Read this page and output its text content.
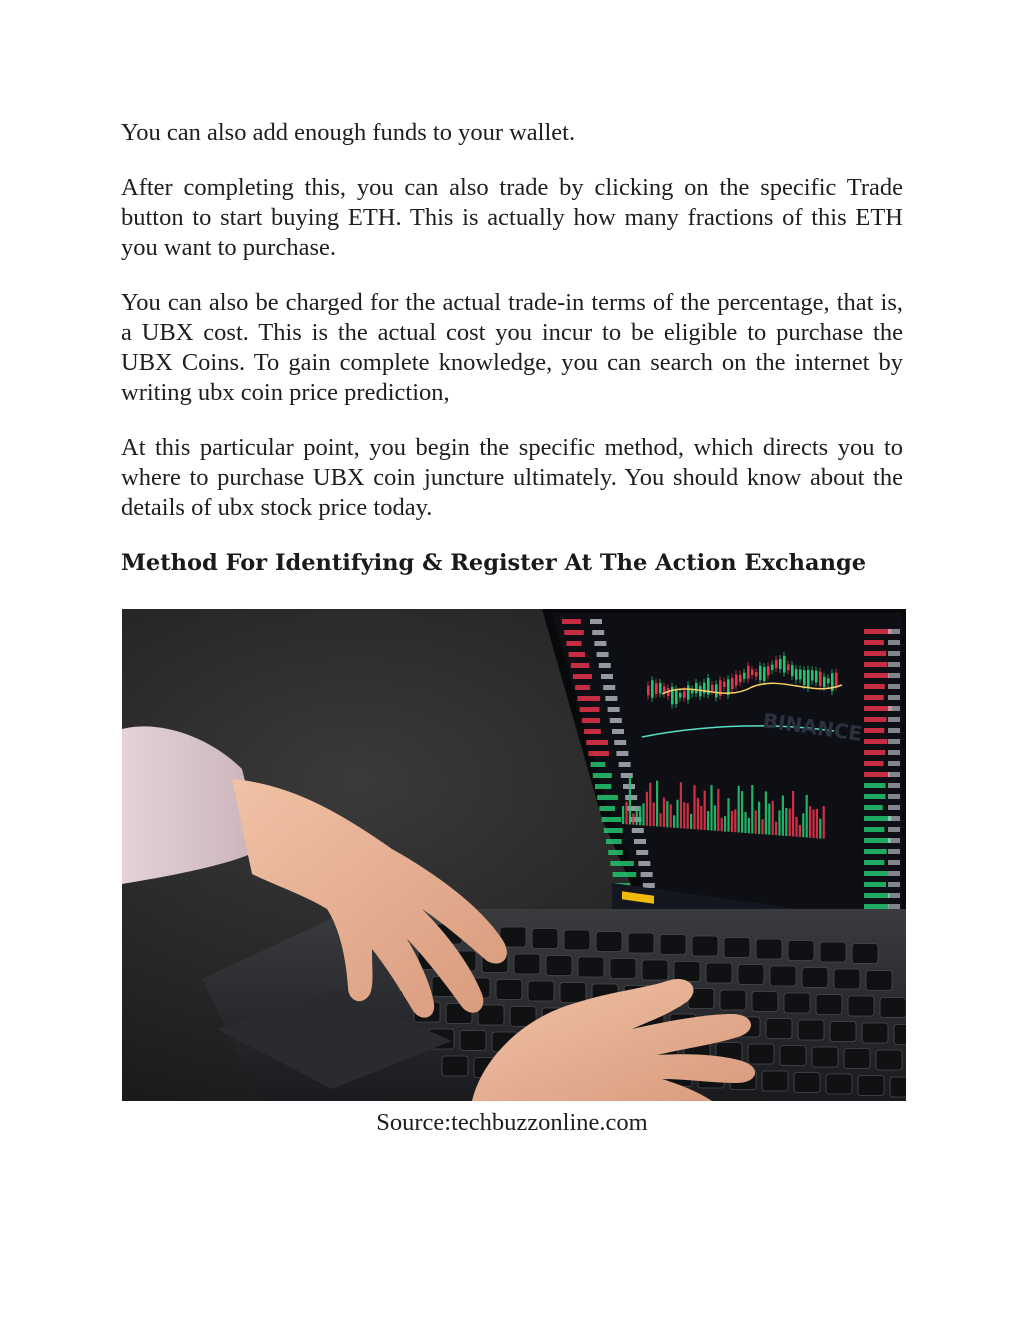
You can also add enough funds to your wallet.

After completing this, you can also trade by clicking on the specific Trade button to start buying ETH. This is actually how many fractions of this ETH you want to purchase.

You can also be charged for the actual trade-in terms of the percentage, that is, a UBX cost. This is the actual cost you incur to be eligible to purchase the UBX Coins. To gain complete knowledge, you can search on the internet by writing ubx coin price prediction,

At this particular point, you begin the specific method, which directs you to where to purchase UBX coin juncture ultimately. You should know about the details of ubx stock price today.

Method For Identifying & Register At The Action Exchange
BINANCE
Source:techbuzzonline.com
